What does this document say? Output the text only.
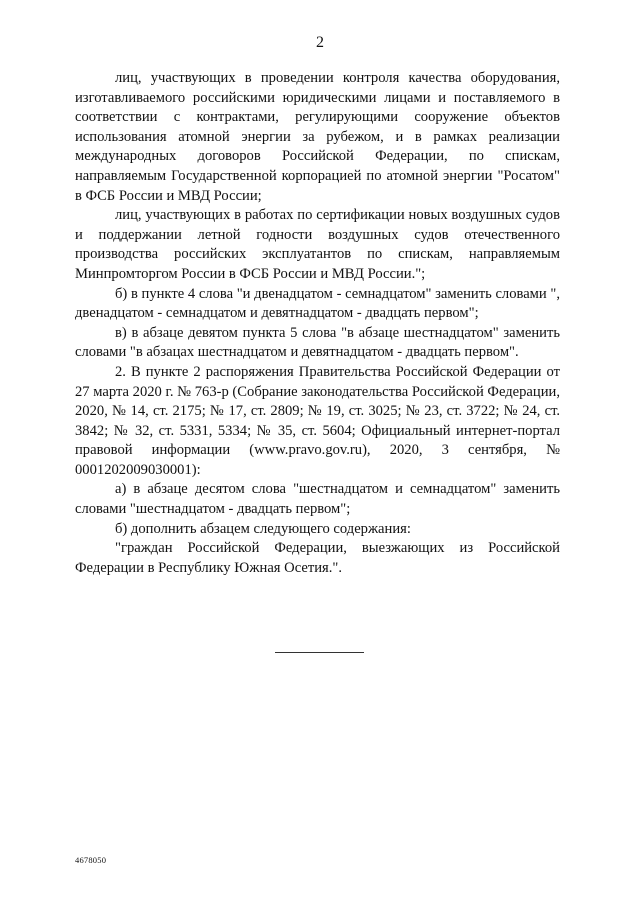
2

лиц, участвующих в проведении контроля качества оборудования, изготавливаемого российскими юридическими лицами и поставляемого в соответствии с контрактами, регулирующими сооружение объектов использования атомной энергии за рубежом, и в рамках реализации международных договоров Российской Федерации, по спискам, направляемым Государственной корпорацией по атомной энергии "Росатом" в ФСБ России и МВД России;

лиц, участвующих в работах по сертификации новых воздушных судов и поддержании летной годности воздушных судов отечественного производства российских эксплуатантов по спискам, направляемым Минпромторгом России в ФСБ России и МВД России.";

б) в пункте 4 слова "и двенадцатом - семнадцатом" заменить словами ", двенадцатом - семнадцатом и девятнадцатом - двадцать первом";

в) в абзаце девятом пункта 5 слова "в абзаце шестнадцатом" заменить словами "в абзацах шестнадцатом и девятнадцатом - двадцать первом".

2. В пункте 2 распоряжения Правительства Российской Федерации от 27 марта 2020 г. № 763-р (Собрание законодательства Российской Федерации, 2020, № 14, ст. 2175; № 17, ст. 2809; № 19, ст. 3025; № 23, ст. 3722; № 24, ст. 3842; № 32, ст. 5331, 5334; № 35, ст. 5604; Официальный интернет-портал правовой информации (www.pravo.gov.ru), 2020, 3 сентября, № 0001202009030001):

а) в абзаце десятом слова "шестнадцатом и семнадцатом" заменить словами "шестнадцатом - двадцать первом";

б) дополнить абзацем следующего содержания:

"граждан Российской Федерации, выезжающих из Российской Федерации в Республику Южная Осетия.".

4678050
